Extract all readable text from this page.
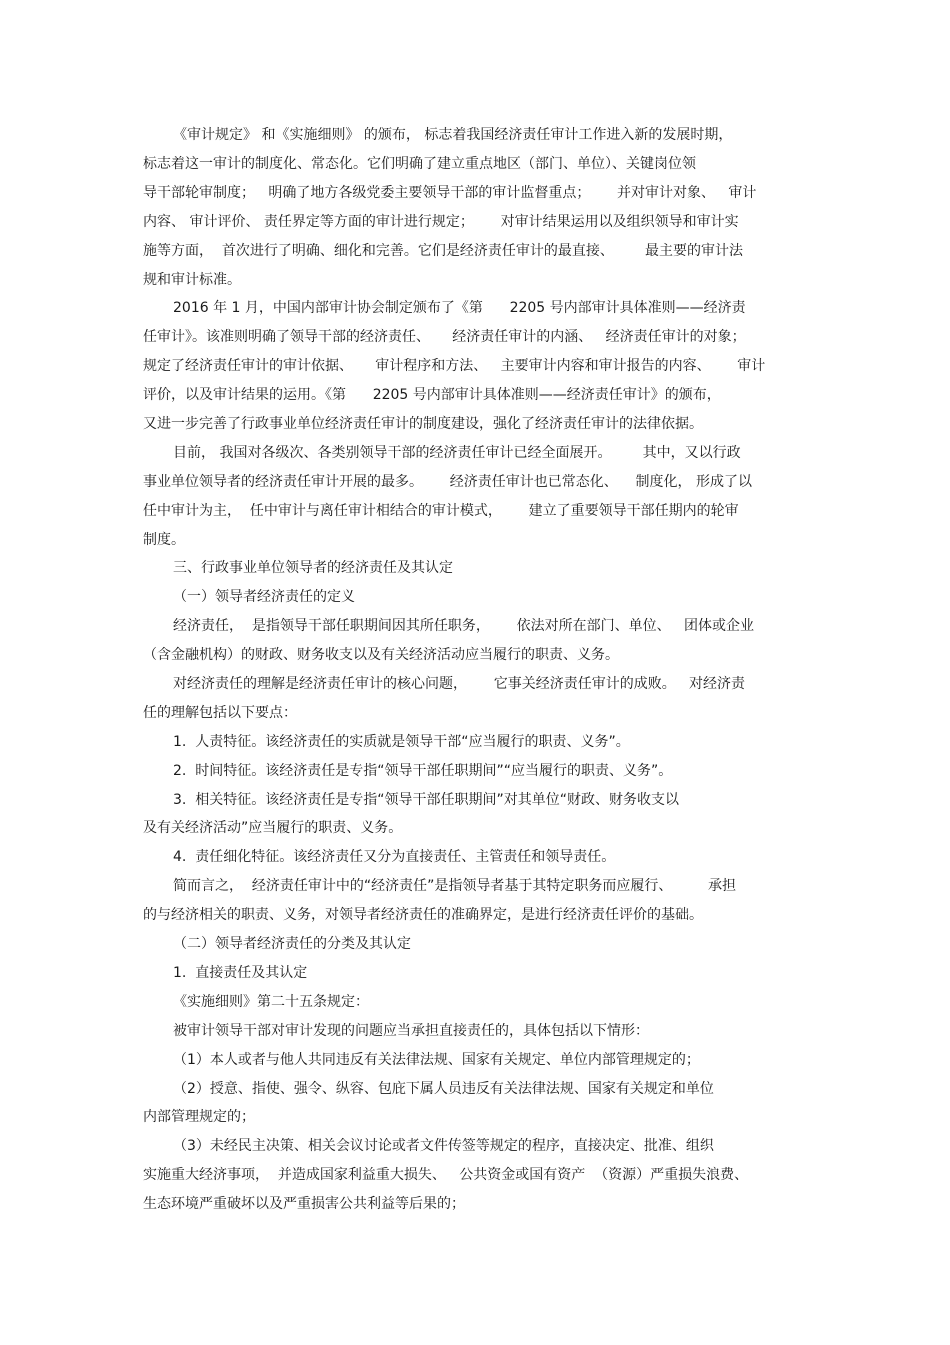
《审计规定》 和《实施细则》 的颁布， 标志着我国经济责任审计工作进入新的发展时期，
标志着这一审计的制度化、常态化。它们明确了建立重点地区（部门、单位）、关键岗位领
导干部轮审制度；   明确了地方各级党委主要领导干部的审计监督重点；      并对审计对象、   审计
内容、 审计评价、 责任界定等方面的审计进行规定；      对审计结果运用以及组织领导和审计实
施等方面，  首次进行了明确、细化和完善。它们是经济责任审计的最直接、       最主要的审计法
规和审计标准。
2016 年 1 月，中国内部审计协会制定颁布了《第      2205 号内部审计具体准则——经济责
任审计》。该准则明确了领导干部的经济责任、     经济责任审计的内涵、   经济责任审计的对象；
规定了经济责任审计的审计依据、     审计程序和方法、   主要审计内容和审计报告的内容、      审计
评价，以及审计结果的运用。《第      2205 号内部审计具体准则——经济责任审计》的颁布，
又进一步完善了行政事业单位经济责任审计的制度建设，强化了经济责任审计的法律依据。
目前， 我国对各级次、各类别领导干部的经济责任审计已经全面展开。       其中，又以行政
事业单位领导者的经济责任审计开展的最多。      经济责任审计也已常态化、    制度化， 形成了以
任中审计为主，  任中审计与离任审计相结合的审计模式，      建立了重要领导干部任期内的轮审
制度。
三、行政事业单位领导者的经济责任及其认定
（一）领导者经济责任的定义
经济责任，  是指领导干部任职期间因其所任职务，      依法对所在部门、单位、   团体或企业
（含金融机构）的财政、财务收支以及有关经济活动应当履行的职责、义务。
对经济责任的理解是经济责任审计的核心问题，      它事关经济责任审计的成败。   对经济责
任的理解包括以下要点：
1.  人责特征。该经济责任的实质就是领导干部“应当履行的职责、义务”。
2.  时间特征。该经济责任是专指“领导干部任职期间”“应当履行的职责、义务”。
3.  相关特征。该经济责任是专指“领导干部任职期间”对其单位“财政、财务收支以
及有关经济活动”应当履行的职责、义务。
4.  责任细化特征。该经济责任又分为直接责任、主管责任和领导责任。
简而言之，  经济责任审计中的“经济责任”是指领导者基于其特定职务而应履行、        承担
的与经济相关的职责、义务，对领导者经济责任的准确界定，是进行经济责任评价的基础。
（二）领导者经济责任的分类及其认定
1.  直接责任及其认定
《实施细则》第二十五条规定：
被审计领导干部对审计发现的问题应当承担直接责任的，具体包括以下情形：
（1）本人或者与他人共同违反有关法律法规、国家有关规定、单位内部管理规定的；
（2）授意、指使、强令、纵容、包庇下属人员违反有关法律法规、国家有关规定和单位
内部管理规定的；
（3）未经民主决策、相关会议讨论或者文件传签等规定的程序，直接决定、批准、组织
实施重大经济事项，  并造成国家利益重大损失、   公共资金或国有资产  （资源）严重损失浪费、
生态环境严重破坏以及严重损害公共利益等后果的；
